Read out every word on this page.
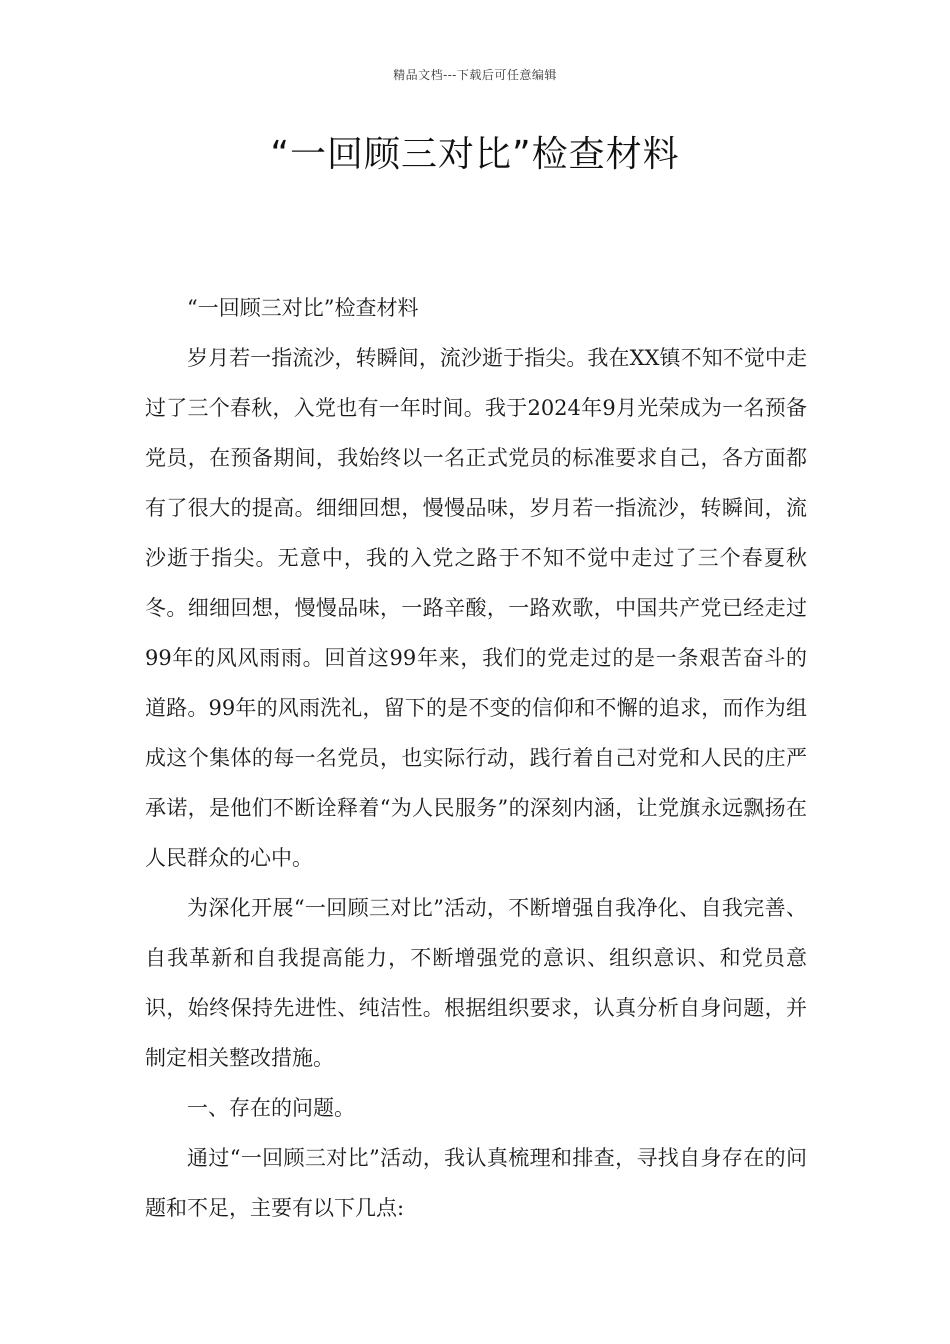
精品文档---下载后可任意编辑
“一回顾三对比”检查材料

“一回顾三对比”检查材料

岁月若一指流沙，转瞬间，流沙逝于指尖。我在XX镇不知不觉中走过了三个春秋，入党也有一年时间。我于2024年9月光荣成为一名预备党员，在预备期间，我始终以一名正式党员的标准要求自己，各方面都有了很大的提高。细细回想，慢慢品味，岁月若一指流沙，转瞬间，流沙逝于指尖。无意中，我的入党之路于不知不觉中走过了三个春夏秋冬。细细回想，慢慢品味，一路辛酸，一路欢歌，中国共产党已经走过99年的风风雨雨。回首这99年来，我们的党走过的是一条艰苦奋斗的道路。99年的风雨洗礼，留下的是不变的信仰和不懈的追求，而作为组成这个集体的每一名党员，也实际行动，践行着自己对党和人民的庄严承诺，是他们不断诠释着“为人民服务”的深刻内涵，让党旗永远飘扬在人民群众的心中。

为深化开展“一回顾三对比”活动，不断增强自我净化、自我完善、自我革新和自我提高能力，不断增强党的意识、组织意识、和党员意识，始终保持先进性、纯洁性。根据组织要求，认真分析自身问题，并制定相关整改措施。

一、存在的问题。

通过“一回顾三对比”活动，我认真梳理和排查，寻找自身存在的问题和不足，主要有以下几点:
